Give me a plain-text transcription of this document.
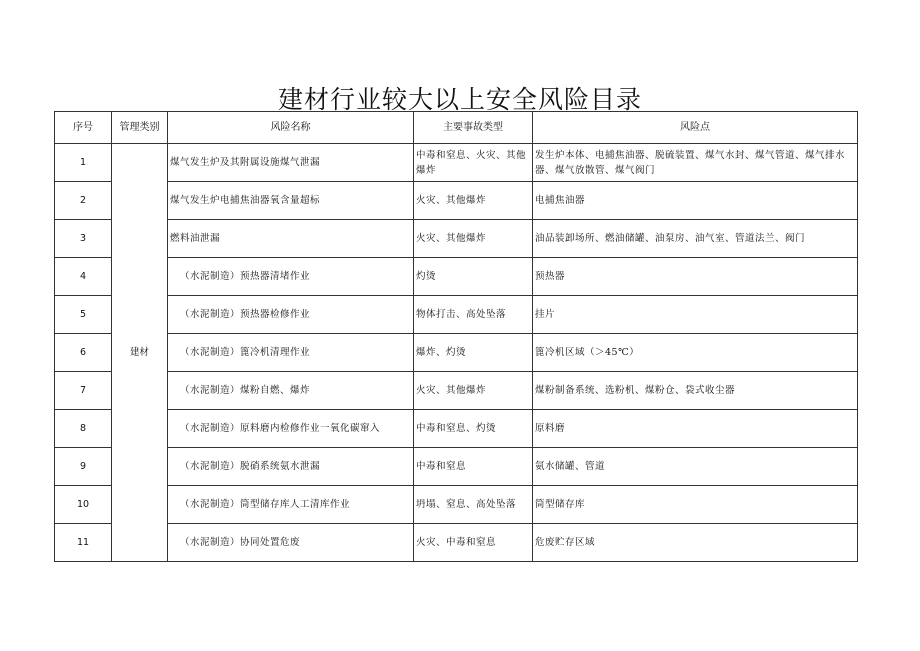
建材行业较大以上安全风险目录
序号	管理类别	风险名称	主要事故类型	风险点
1	建材	煤气发生炉及其附属设施煤气泄漏	中毒和窒息、火灾、其他爆炸	发生炉本体、电捕焦油器、脱硫装置、煤气水封、煤气管道、煤气排水器、煤气放散管、煤气阀门
2		煤气发生炉电捕焦油器氧含量超标	火灾、其他爆炸	电捕焦油器
3		燃料油泄漏	火灾、其他爆炸	油品装卸场所、燃油储罐、油泵房、油气室、管道法兰、阀门
4		（水泥制造）预热器清堵作业	灼烫	预热器
5		（水泥制造）预热器检修作业	物体打击、高处坠落	挂片
6		（水泥制造）篦冷机清理作业	爆炸、灼烫	篦冷机区域（＞45℃）
7		（水泥制造）煤粉自燃、爆炸	火灾、其他爆炸	煤粉制备系统、选粉机、煤粉仓、袋式收尘器
8		（水泥制造）原料磨内检修作业一氧化碳窜入	中毒和窒息、灼烫	原料磨
9		（水泥制造）脱硝系统氨水泄漏	中毒和窒息	氨水储罐、管道
10		（水泥制造）筒型储存库人工清库作业	坍塌、窒息、高处坠落	筒型储存库
11		（水泥制造）协同处置危废	火灾、中毒和窒息	危废贮存区域
